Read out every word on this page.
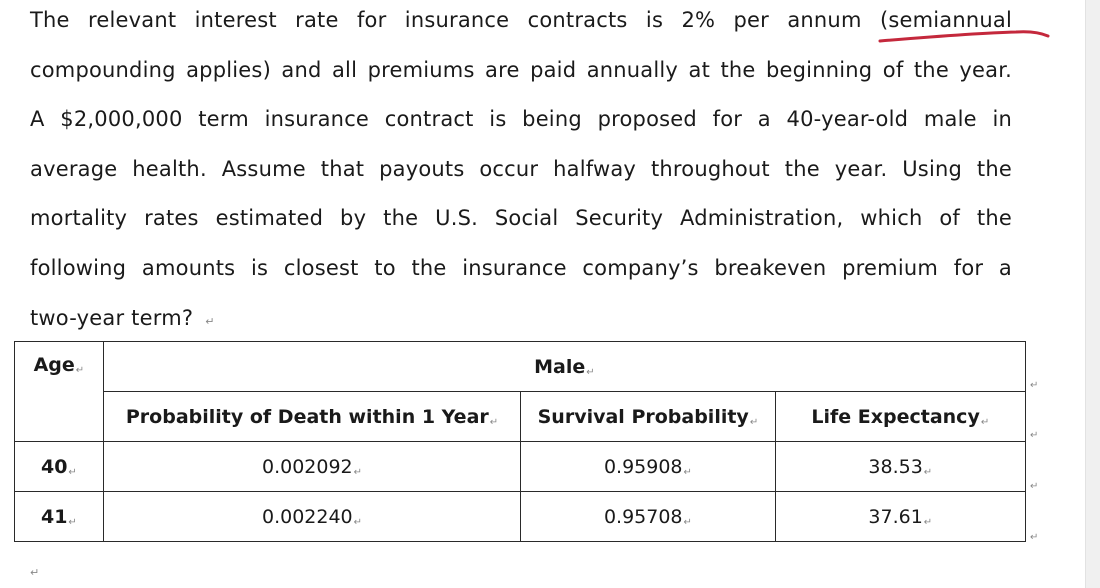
The relevant interest rate for insurance contracts is 2% per annum (semiannual
compounding applies) and all premiums are paid annually at the beginning of the year.
A $2,000,000 term insurance contract is being proposed for a 40-year-old male in
average health. Assume that payouts occur halfway throughout the year. Using the
mortality rates estimated by the U.S. Social Security Administration, which of the
following amounts is closest to the insurance company’s breakeven premium for a
two-year term? ↵
Age↵	Male↵		
	Probability of Death within 1 Year↵	Survival Probability↵	Life Expectancy↵
40↵	0.002092↵	0.95908↵	38.53↵
41↵	0.002240↵	0.95708↵	37.61↵
↵
↵
↵
↵
↵
